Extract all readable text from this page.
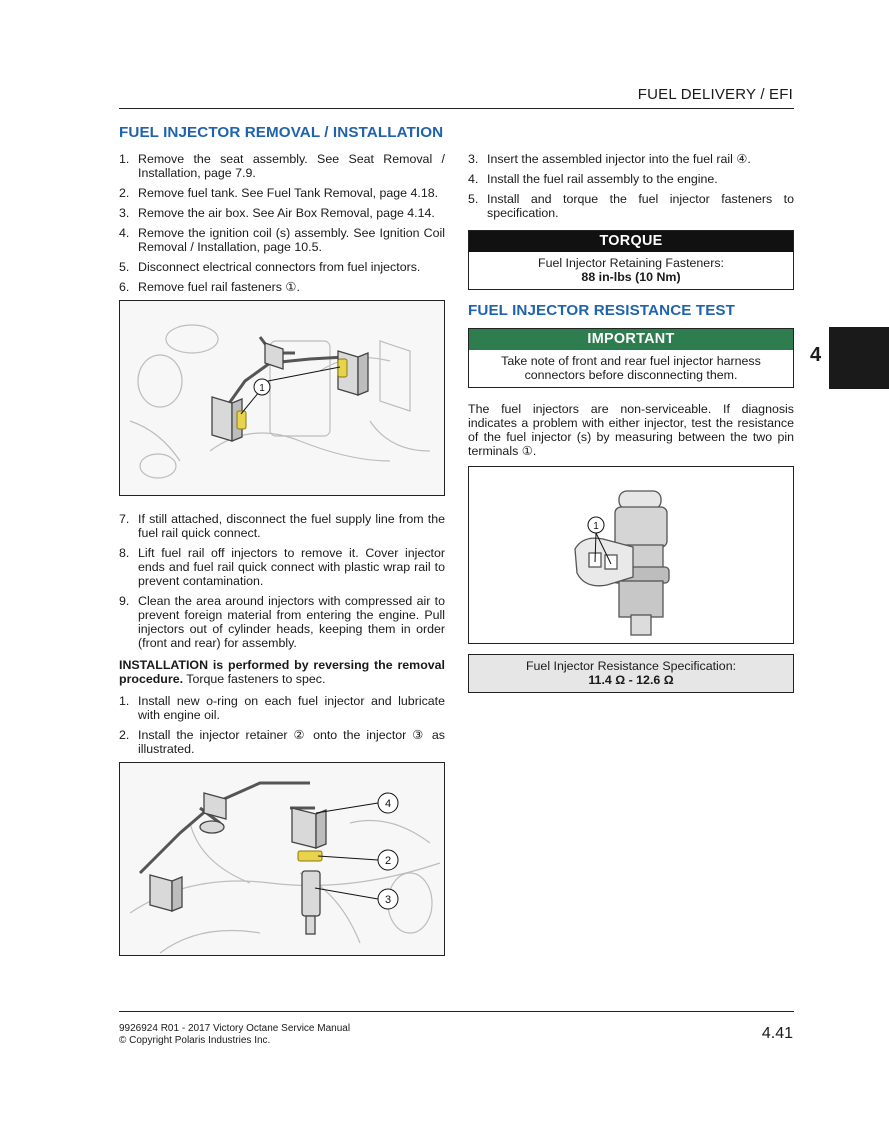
FUEL DELIVERY / EFI
4
FUEL INJECTOR REMOVAL / INSTALLATION
1. Remove the seat assembly. See Seat Removal / Installation, page 7.9.
2. Remove fuel tank. See Fuel Tank Removal, page 4.18.
3. Remove the air box. See Air Box Removal, page 4.14.
4. Remove the ignition coil (s) assembly. See Ignition Coil Removal / Installation, page 10.5.
5. Disconnect electrical connectors from fuel injectors.
6. Remove fuel rail fasteners ①.
1
7. If still attached, disconnect the fuel supply line from the fuel rail quick connect.
8. Lift fuel rail off injectors to remove it. Cover injector ends and fuel rail quick connect with plastic wrap rail to prevent contamination.
9. Clean the area around injectors with compressed air to prevent foreign material from entering the engine. Pull injectors out of cylinder heads, keeping them in order (front and rear) for assembly.

INSTALLATION is performed by reversing the removal procedure. Torque fasteners to spec.

1. Install new o-ring on each fuel injector and lubricate with engine oil.
2. Install the injector retainer ② onto the injector ③ as illustrated.
4
2
3
3. Insert the assembled injector into the fuel rail ④.
4. Install the fuel rail assembly to the engine.
5. Install and torque the fuel injector fasteners to specification.
TORQUE
Fuel Injector Retaining Fasteners:
88 in-lbs (10 Nm)
FUEL INJECTOR RESISTANCE TEST
IMPORTANT
Take note of front and rear fuel injector harness connectors before disconnecting them.

The fuel injectors are non-serviceable. If diagnosis indicates a problem with either injector, test the resistance of the fuel injector (s) by measuring between the two pin terminals ①.

1
Fuel Injector Resistance Specification:
11.4 Ω - 12.6 Ω
9926924 R01 - 2017 Victory Octane Service Manual
© Copyright Polaris Industries Inc.	4.41
